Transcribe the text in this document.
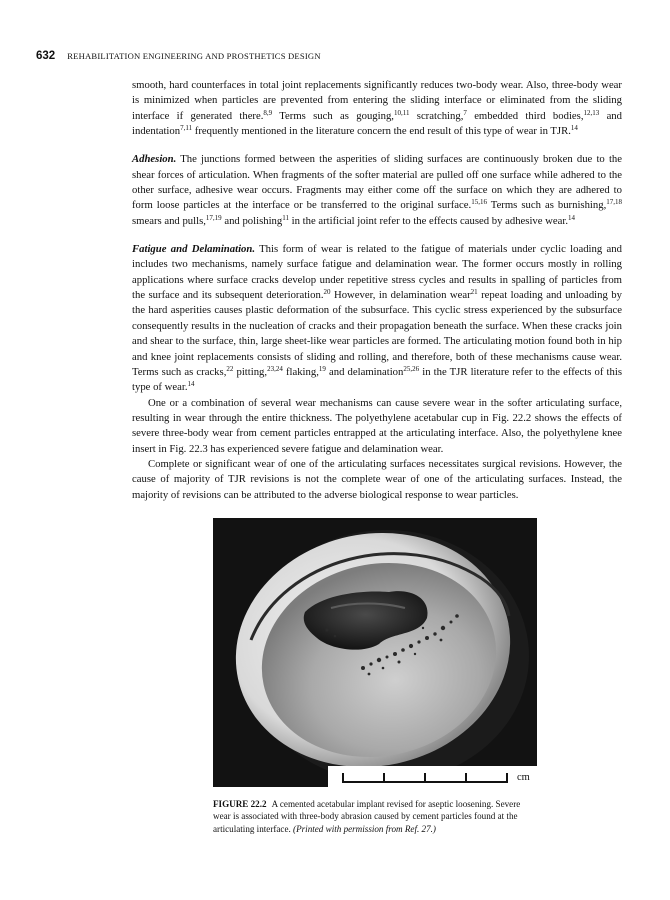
632 REHABILITATION ENGINEERING AND PROSTHETICS DESIGN

smooth, hard counterfaces in total joint replacements significantly reduces two-body wear. Also, three-body wear is minimized when particles are prevented from entering the sliding interface or eliminated from the sliding interface if generated there.$^{8,9}$ Terms such as gouging,$^{10,11}$ scratching,$^7$ embedded third bodies,$^{12,13}$ and indentation$^{7,11}$ frequently mentioned in the literature concern the end result of this type of wear in TJR.$^{14}$

Adhesion. The junctions formed between the asperities of sliding surfaces are continuously broken due to the shear forces of articulation. When fragments of the softer material are pulled off one surface while adhered to the other surface, adhesive wear occurs. Fragments may either come off the surface on which they are adhered to form loose particles at the interface or be transferred to the original surface.$^{15,16}$ Terms such as burnishing,$^{17,18}$ smears and pulls,$^{17,19}$ and polishing$^{11}$ in the artificial joint refer to the effects caused by adhesive wear.$^{14}$

Fatigue and Delamination. This form of wear is related to the fatigue of materials under cyclic loading and includes two mechanisms, namely surface fatigue and delamination wear. The former occurs mostly in rolling applications where surface cracks develop under repetitive stress cycles and results in spalling of particles from the surface and its subsequent deterioration.$^{20}$ However, in delamination wear$^{21}$ repeat loading and unloading by the hard asperities causes plastic deformation of the subsurface. This cyclic stress experienced by the subsurface consequently results in the nucleation of cracks and their propagation beneath the surface. When these cracks join and shear to the surface, thin, large sheet-like wear particles are formed. The articulating motion found both in hip and knee joint replacements consists of sliding and rolling, and therefore, both of these mechanisms cause wear. Terms such as cracks,$^{22}$ pitting,$^{23,24}$ flaking,$^{19}$ and delamination$^{25,26}$ in the TJR literature refer to the effects of this type of wear.$^{14}$

One or a combination of several wear mechanisms can cause severe wear in the softer articulating surface, resulting in wear through the entire thickness. The polyethylene acetabular cup in Fig. 22.2 shows the effects of severe three-body wear from cement particles entrapped at the articulating interface. Also, the polyethylene knee insert in Fig. 22.3 has experienced severe fatigue and delamination wear.

Complete or significant wear of one of the articulating surfaces necessitates surgical revisions. However, the cause of majority of TJR revisions is not the complete wear of one of the articulating surfaces. Instead, the majority of revisions can be attributed to the adverse biological response to wear particles.

cm
FIGURE 22.2 A cemented acetabular implant revised for aseptic loosening. Severe wear is associated with three-body abrasion caused by cement particles found at the articulating interface. (Printed with permission from Ref. 27.)
